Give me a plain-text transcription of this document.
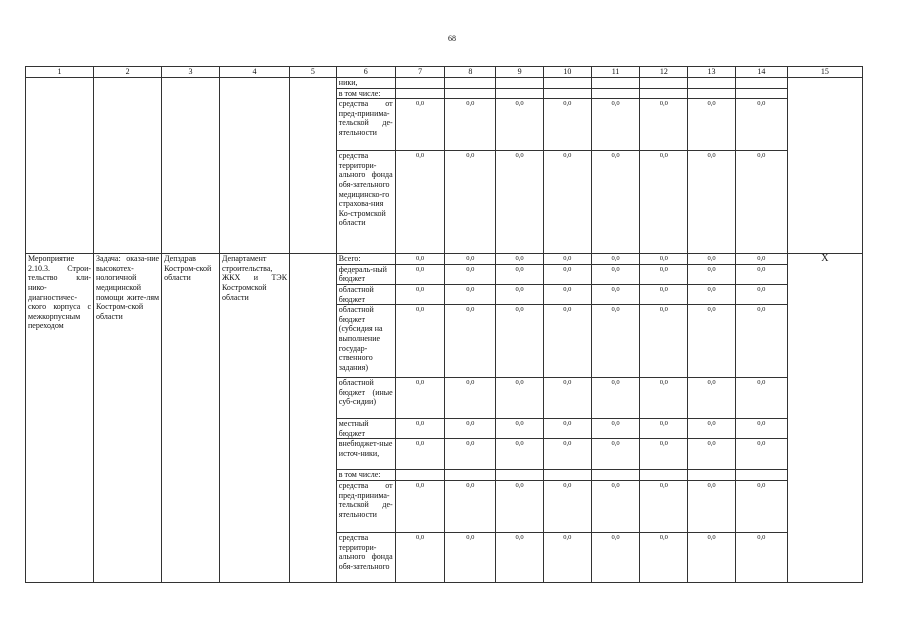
68
1	2	3	4	5	6	7	8	9	10	11	12	13	14	15
					ники,									
					в том числе:									
					средства от пред-принима-тельской де-ятельности	0,0	0,0	0,0	0,0	0,0	0,0	0,0	0,0	
					средства территори-ального фонда обя-зательного медицинско-го страхова-ния Ко-стромской области	0,0	0,0	0,0	0,0	0,0	0,0	0,0	0,0	
Мероприятие 2.10.3. Строи-тельство кли-нико-диагностичес-ского корпуса с межкорпусным переходом	Задача: оказа-ние высокотех-нологичной медицинской помощи жите-лям Костром-ской области	Депздрав Костром-ской области	Департамент строительства, ЖКХ и ТЭК Костромской области		Всего:	0,0	0,0	0,0	0,0	0,0	0,0	0,0	0,0	X
					федераль-ный бюджет	0,0	0,0	0,0	0,0	0,0	0,0	0,0	0,0	
					областной бюджет	0,0	0,0	0,0	0,0	0,0	0,0	0,0	0,0	
					областной бюджет (субсидия на выполнение государ-ственного задания)	0,0	0,0	0,0	0,0	0,0	0,0	0,0	0,0	
					областной бюджет (иные суб-сидии)	0,0	0,0	0,0	0,0	0,0	0,0	0,0	0,0	
					местный бюджет	0,0	0,0	0,0	0,0	0,0	0,0	0,0	0,0	
					внебюджет-ные источ-ники,	0,0	0,0	0,0	0,0	0,0	0,0	0,0	0,0	
					в том числе:									
					средства от пред-принима-тельской де-ятельности	0,0	0,0	0,0	0,0	0,0	0,0	0,0	0,0	
					средства территори-ального фонда обя-зательного	0,0	0,0	0,0	0,0	0,0	0,0	0,0	0,0	
